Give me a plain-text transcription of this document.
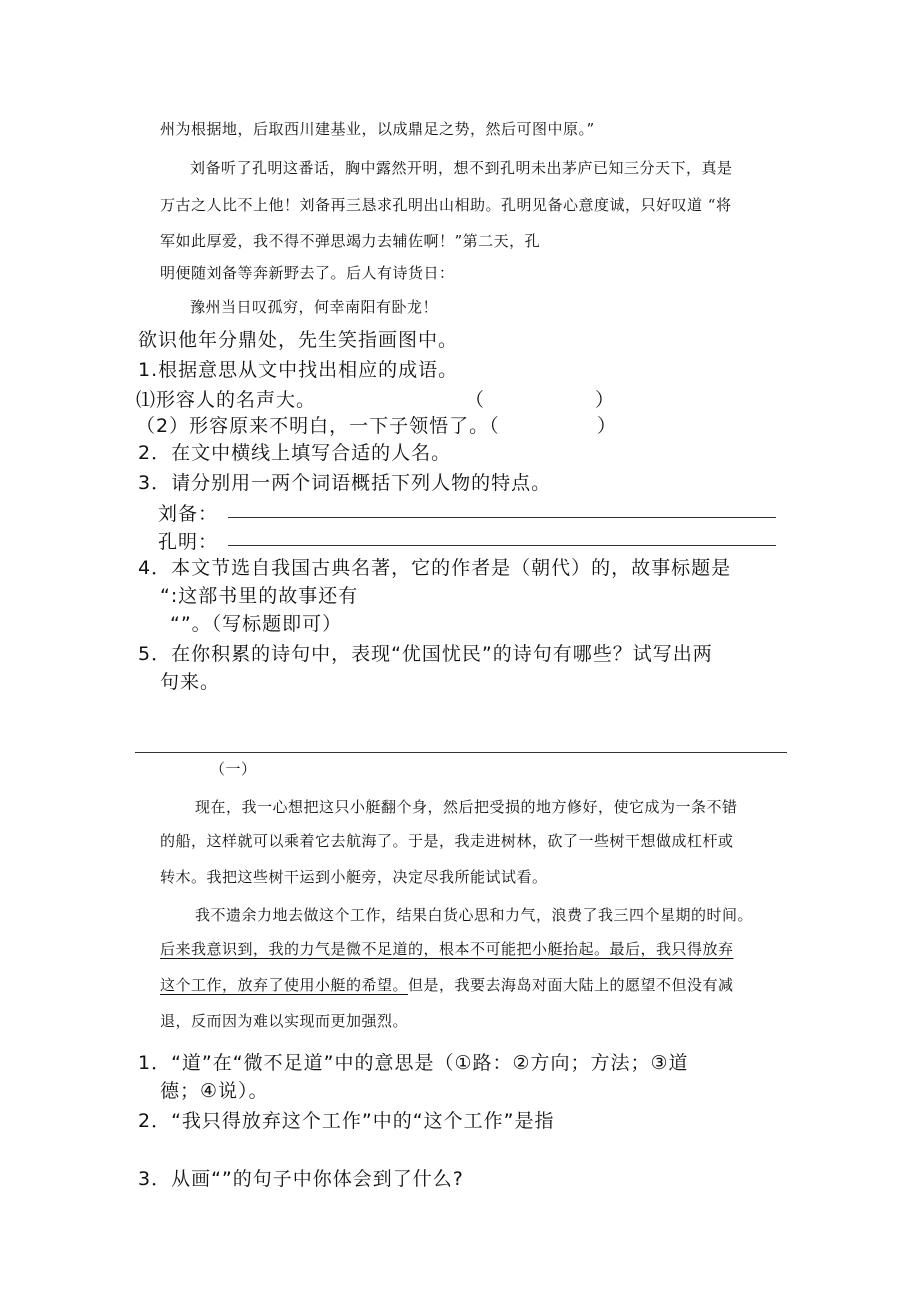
州为根据地，后取西川建基业，以成鼎足之势，然后可图中原。”
刘备听了孔明这番话，胸中露然开明，想不到孔明未出茅庐已知三分天下，真是
万古之人比不上他！刘备再三恳求孔明出山相助。孔明见备心意度诚，只好叹道 “将
军如此厚爱，我不得不弹思竭力去辅佐啊！”第二天，孔
明便随刘备等奔新野去了。后人有诗货日：
豫州当日叹孤穷，何幸南阳有卧龙！
欲识他年分鼎处，先生笑指画图中。
1.根据意思从文中找出相应的成语。
⑴形容人的名声大。	（	）
（2）形容原来不明白，一下子领悟了。（	）
2．在文中横线上填写合适的人名。
3．请分别用一两个词语概括下列人物的特点。
刘备：
孔明：
4．本文节选自我国古典名著，它的作者是（朝代）的，故事标题是
“:这部书里的故事还有
“”。（写标题即可）
5．在你积累的诗句中，表现“优国忧民”的诗句有哪些？试写出两
句来。
（一）
现在，我一心想把这只小艇翻个身，然后把受损的地方修好，使它成为一条不错
的船，这样就可以乘着它去航海了。于是，我走进树林，砍了一些树干想做成杠杆或
转木。我把这些树干运到小艇旁，决定尽我所能试试看。
我不遗余力地去做这个工作，结果白货心思和力气，浪费了我三四个星期的时间。
后来我意识到，我的力气是微不足道的，根本不可能把小艇抬起。最后，我只得放弃
这个工作，放弃了使用小艇的希望。但是，我要去海岛对面大陆上的愿望不但没有减
退，反而因为难以实现而更加强烈。
1．“道”在“微不足道”中的意思是（①路：②方向；方法；③道
德；④说）。
2．“我只得放弃这个工作”中的“这个工作”是指
3．从画“”的句子中你体会到了什么?
